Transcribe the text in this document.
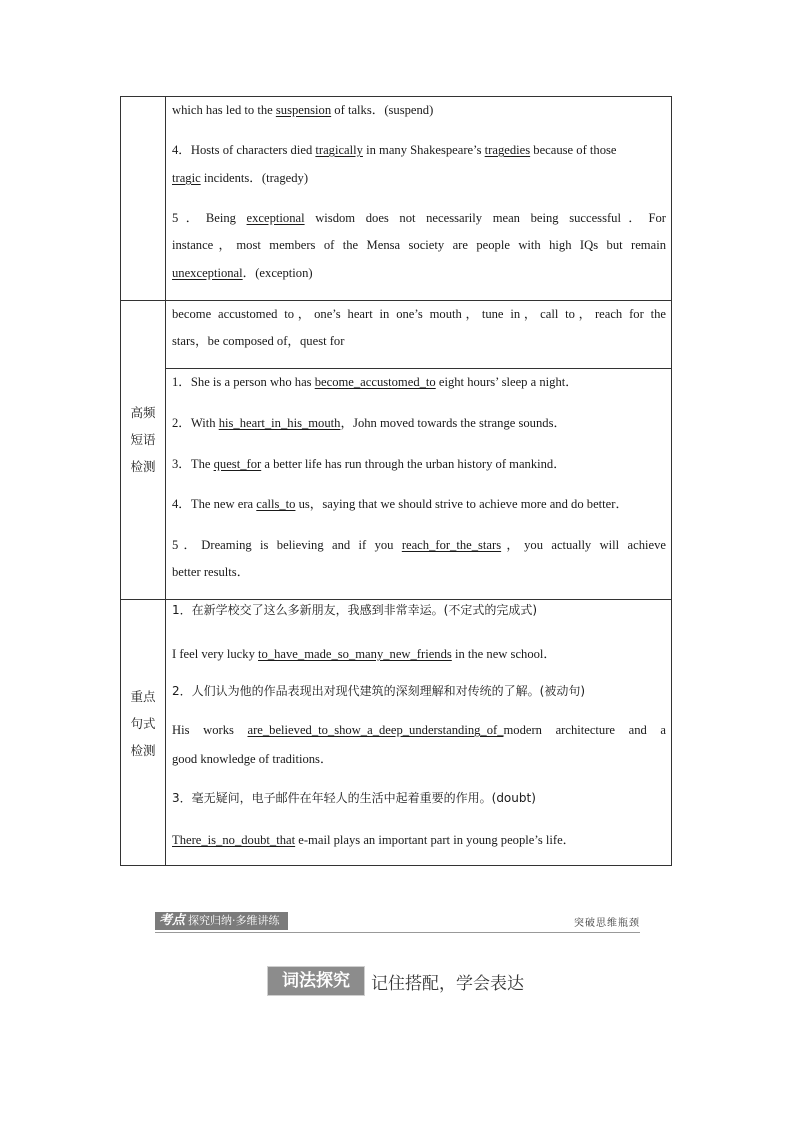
which has led to the suspension of talks．(suspend)
4．Hosts of characters died tragically in many Shakespeare’s tragedies because of those
tragic incidents．(tragedy)
5．Being exceptional wisdom does not necessarily mean being successful．For
instance，most members of the Mensa society are people with high IQs but remain
unexceptional．(exception)
高频
短语
检测
become accustomed to，one’s heart in one’s mouth，tune in，call to，reach for the
stars，be composed of，quest for
1．She is a person who has become_accustomed_to eight hours’ sleep a night．
2．With his_heart_in_his_mouth，John moved towards the strange sounds．
3．The quest_for a better life has run through the urban history of mankind．
4．The new era calls_to us，saying that we should strive to achieve more and do better．
5．Dreaming is believing and if you reach_for_the_stars，you actually will achieve
better results．
重点
句式
检测
1．在新学校交了这么多新朋友，我感到非常幸运。(不定式的完成式)
I feel very lucky to_have_made_so_many_new_friends in the new school．
2．人们认为他的作品表现出对现代建筑的深刻理解和对传统的了解。(被动句)
His works are_believed_to_show_a_deep_understanding_of_modern architecture and a
good knowledge of traditions．
3．毫无疑问，电子邮件在年轻人的生活中起着重要的作用。(doubt)
There_is_no_doubt_that e-mail plays an important part in young people’s life．
考点 探究归纳·多维讲练	突破思维瓶颈
词法探究	记住搭配，学会表达
